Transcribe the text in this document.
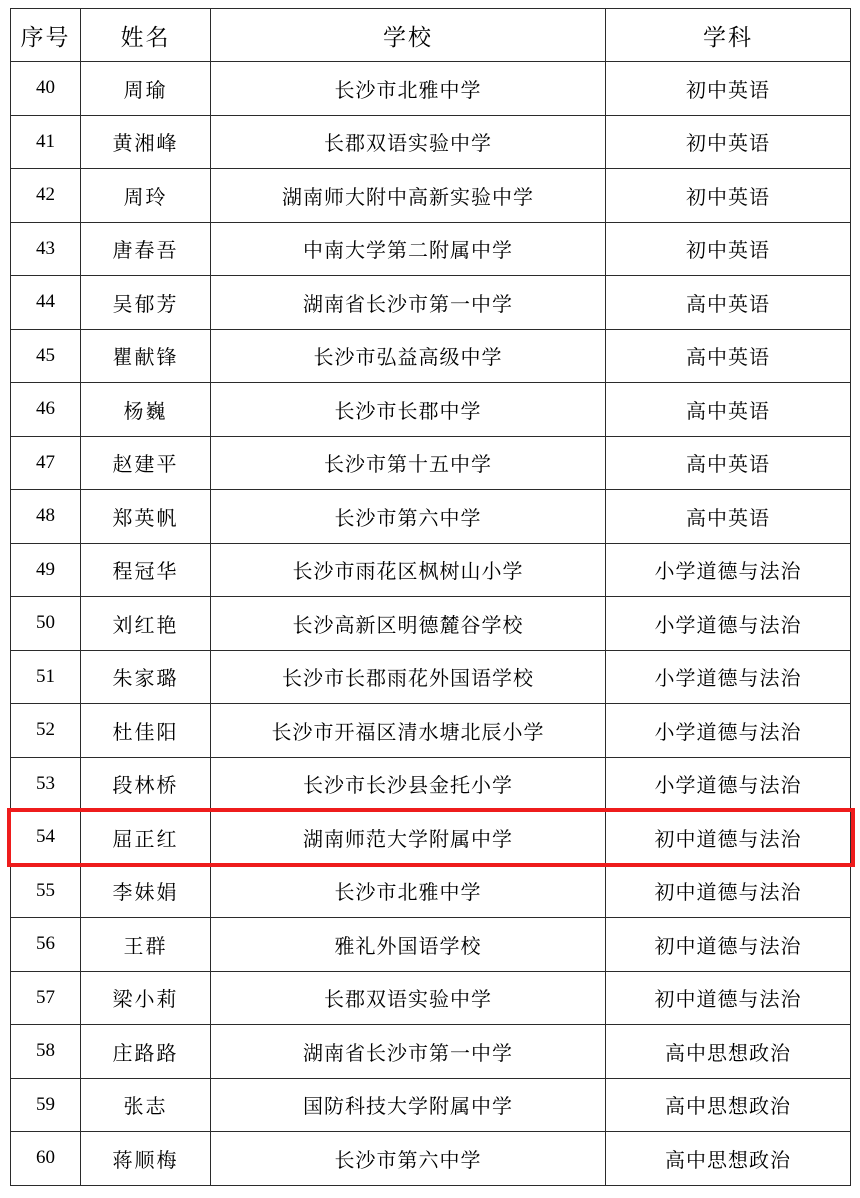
序号	姓名	学校	学科
40	周瑜	长沙市北雅中学	初中英语
41	黄湘峰	长郡双语实验中学	初中英语
42	周玲	湖南师大附中高新实验中学	初中英语
43	唐春吾	中南大学第二附属中学	初中英语
44	吴郁芳	湖南省长沙市第一中学	高中英语
45	瞿献锋	长沙市弘益高级中学	高中英语
46	杨巍	长沙市长郡中学	高中英语
47	赵建平	长沙市第十五中学	高中英语
48	郑英帆	长沙市第六中学	高中英语
49	程冠华	长沙市雨花区枫树山小学	小学道德与法治
50	刘红艳	长沙高新区明德麓谷学校	小学道德与法治
51	朱家璐	长沙市长郡雨花外国语学校	小学道德与法治
52	杜佳阳	长沙市开福区清水塘北辰小学	小学道德与法治
53	段林桥	长沙市长沙县金托小学	小学道德与法治
54	屈正红	湖南师范大学附属中学	初中道德与法治
55	李妹娟	长沙市北雅中学	初中道德与法治
56	王群	雅礼外国语学校	初中道德与法治
57	梁小莉	长郡双语实验中学	初中道德与法治
58	庄路路	湖南省长沙市第一中学	高中思想政治
59	张志	国防科技大学附属中学	高中思想政治
60	蒋顺梅	长沙市第六中学	高中思想政治
